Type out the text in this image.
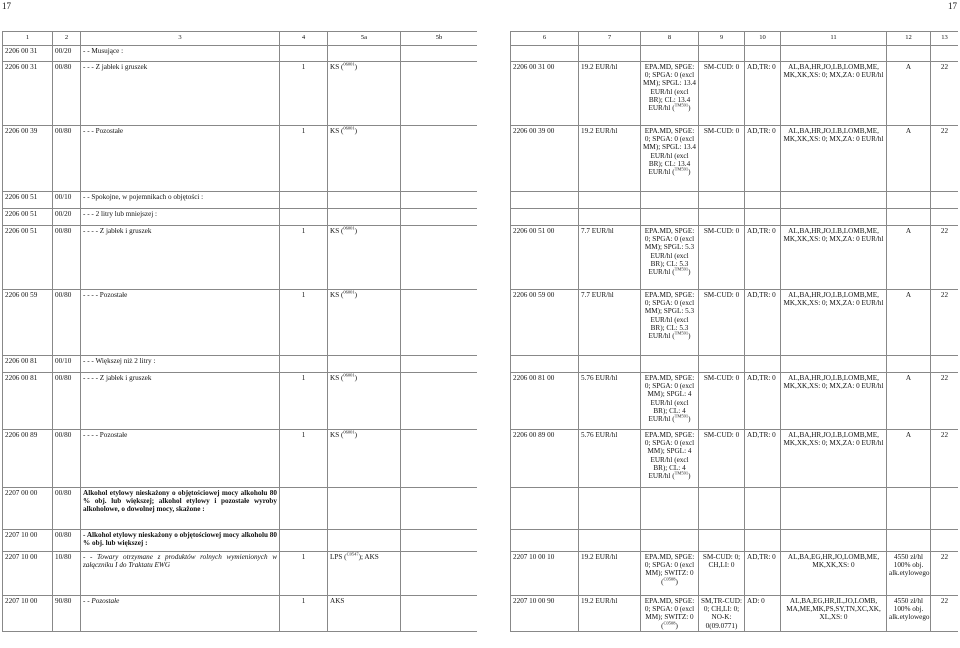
17	17
1	2	3	4	5a	5b
2206 00 31	00/20	- - Musujące :			
2206 00 31	00/80	- - - Z jabłek i gruszek	1	KS ($^{06001}$)	
2206 00 39	00/80	- - - Pozostałe	1	KS ($^{06001}$)	
2206 00 51	00/10	- - Spokojne, w pojemnikach o objętości :			
2206 00 51	00/20	- - - 2 litry lub mniejszej :			
2206 00 51	00/80	- - - - Z jabłek i gruszek	1	KS ($^{06001}$)	
2206 00 59	00/80	- - - - Pozostałe	1	KS ($^{06001}$)	
2206 00 81	00/10	- - - Większej niż 2 litry :			
2206 00 81	00/80	- - - - Z jabłek i gruszek	1	KS ($^{06001}$)	
2206 00 89	00/80	- - - - Pozostałe	1	KS ($^{06001}$)	
2207 00 00	00/80	Alkohol etylowy nieskażony o objętościowej mocy alkoholu 80 % obj. lub większej; alkohol etylowy i pozostałe wyroby alkoholowe, o dowolnej mocy, skażone :			
2207 10 00	00/80	- Alkohol etylowy nieskażony o objętościowej mocy alkoholu 80 % obj. lub większej :			
2207 10 00	10/80	- - Towary otrzymane z produktów rolnych wymienionych w załączniku I do Traktatu EWG	1	LPS ($^{C0547}$); AKS	
2207 10 00	90/80	- - Pozostałe	1	AKS	
6	7	8	9	10	11	12	13

2206 00 31 00	19.2 EUR/hl	EPA.MD, SPGE: 0; SPGA: 0 (excl MM); SPGL: 13.4 EUR/hl (excl BR); CL: 13.4 EUR/hl ($^{TM591}$)	SM-CUD: 0	AD,TR: 0	AL,BA,HR,JO,LB,LOMB,ME, MK,XK,XS: 0; MX,ZA: 0 EUR/hl	A	22
2206 00 39 00	19.2 EUR/hl	EPA.MD, SPGE: 0; SPGA: 0 (excl MM); SPGL: 13.4 EUR/hl (excl BR); CL: 13.4 EUR/hl ($^{TM591}$)	SM-CUD: 0	AD,TR: 0	AL,BA,HR,JO,LB,LOMB,ME, MK,XK,XS: 0; MX,ZA: 0 EUR/hl	A	22

2206 00 51 00	7.7 EUR/hl	EPA.MD, SPGE: 0; SPGA: 0 (excl MM); SPGL: 5.3 EUR/hl (excl BR); CL: 5.3 EUR/hl ($^{TM591}$)	SM-CUD: 0	AD,TR: 0	AL,BA,HR,JO,LB,LOMB,ME, MK,XK,XS: 0; MX,ZA: 0 EUR/hl	A	22
2206 00 59 00	7.7 EUR/hl	EPA.MD, SPGE: 0; SPGA: 0 (excl MM); SPGL: 5.3 EUR/hl (excl BR); CL: 5.3 EUR/hl ($^{TM591}$)	SM-CUD: 0	AD,TR: 0	AL,BA,HR,JO,LB,LOMB,ME, MK,XK,XS: 0; MX,ZA: 0 EUR/hl	A	22

2206 00 81 00	5.76 EUR/hl	EPA.MD, SPGE: 0; SPGA: 0 (excl MM); SPGL: 4 EUR/hl (excl BR); CL: 4 EUR/hl ($^{TM591}$)	SM-CUD: 0	AD,TR: 0	AL,BA,HR,JO,LB,LOMB,ME, MK,XK,XS: 0; MX,ZA: 0 EUR/hl	A	22
2206 00 89 00	5.76 EUR/hl	EPA.MD, SPGE: 0; SPGA: 0 (excl MM); SPGL: 4 EUR/hl (excl BR); CL: 4 EUR/hl ($^{TM591}$)	SM-CUD: 0	AD,TR: 0	AL,BA,HR,JO,LB,LOMB,ME, MK,XK,XS: 0; MX,ZA: 0 EUR/hl	A	22

2207 10 00 10	19.2 EUR/hl	EPA.MD, SPGE: 0; SPGA: 0 (excl MM); SWITZ: 0 ($^{C0508}$)	SM-CUD: 0; CH,LI: 0	AD,TR: 0	AL,BA,EG,HR,JO,LOMB,ME, MK,XK,XS: 0	4550 zł/hl 100% obj. alk.etylowego	22
2207 10 00 90	19.2 EUR/hl	EPA.MD, SPGE: 0; SPGA: 0 (excl MM); SWITZ: 0 ($^{C0508}$)	SM,TR-CUD: 0; CH,LI: 0; NO-K: 0(09.0771)	AD: 0	AL,BA,EG,HR,IL,JO,LOMB, MA,ME,MK,PS,SY,TN,XC,XK, XL,XS: 0	4550 zł/hl 100% obj. alk.etylowego	22
